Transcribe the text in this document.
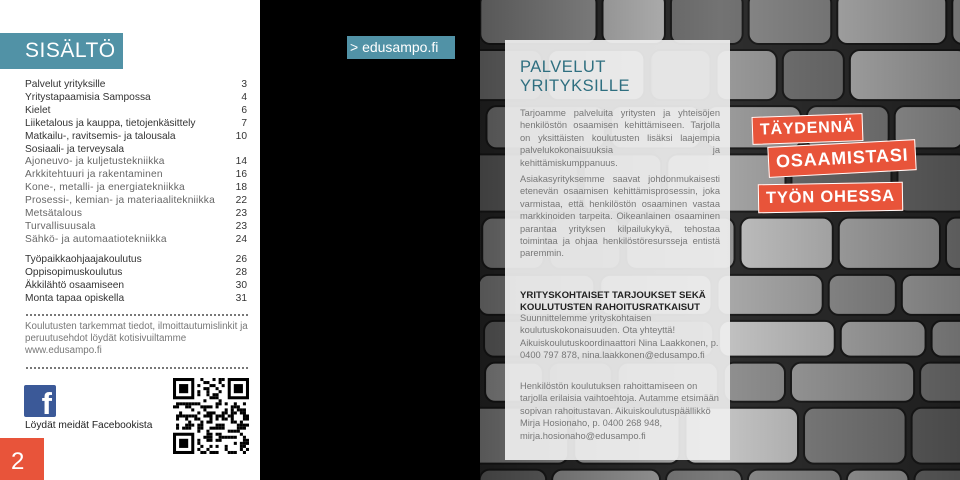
SISÄLTÖ
Palvelut yrityksille	3
Yritystapaamisia Sampossa	4
Kielet	6
Liiketalous ja kauppa, tietojenkäsittely	7
Matkailu-, ravitsemis- ja talousala	10
Sosiaali- ja terveysala
Ajoneuvo- ja kuljetustekniikka	14
Arkkitehtuuri ja rakentaminen	16
Kone-, metalli- ja energiatekniikka	18
Prosessi-, kemian- ja materiaalitekniikka 22
Metsätalous	23
Turvallisuusala	23
Sähkö- ja automaatiotekniikka	24
Työpaikkaohjaajakoulutus	26
Oppisopimuskoulutus	28
Äkkilähtö osaamiseen	30
Monta tapaa opiskella	31
Koulutusten tarkemmat tiedot, ilmoittautumislinkit ja peruutusehdot löydät kotisivuiltamme www.edusampo.fi
f
Löydät meidät Facebookista
2
> edusampo.fi
Suunnittelu
Nitro ID
Valokuvat
Shutterstock
Lukas Pearsall / Nitro ID
Taitto
Saimaan ammattiopisto Sampo
Painatus
Imatran painokarelia
Koulutuskalenterin lisätilaukset
tuija.kaustola@edusampo.fi
Saimaan ammattiopisto Sampo
PL 303, Armilankatu 40
53101 Lappeenranta
p. 02049 600
www.edusampo.fi
PALVELUT YRITYKSILLE
Tarjoamme palveluita yritysten ja yhteisöjen henkilöstön osaamisen kehittämiseen. Tarjolla on yksittäisten koulutusten lisäksi laajempia palvelukokonaisuuksia ja kehittämiskumppanuus.
Asiakasyrityksemme saavat johdonmukaisesti etenevän osaamisen kehittämisprosessin, joka varmistaa, että henkilöstön osaaminen vastaa markkinoiden tarpeita. Oikeanlainen osaaminen parantaa yrityksen kilpailukykyä, tehostaa toimintaa ja ohjaa henkilöstöresursseja entistä paremmin.
YRITYSKOHTAISET TARJOUKSET SEKÄ KOULUTUSTEN RAHOITUSRATKAISUT
Suunnittelemme yrityskohtaisen koulutuskokonaisuuden. Ota yhteyttä! Aikuiskoulutuskoordinaattori Nina Laakkonen, p. 0400 797 878, nina.laakkonen@edusampo.fi
Henkilöstön koulutuksen rahoittamiseen on tarjolla erilaisia vaihtoehtoja. Autamme etsimään sopivan rahoitustavan. Aikuiskoulutuspäällikkö Mirja Hosionaho, p. 0400 268 948, mirja.hosionaho@edusampo.fi
TÄYDENNÄ
OSAAMISTASI
TYÖN OHESSA
